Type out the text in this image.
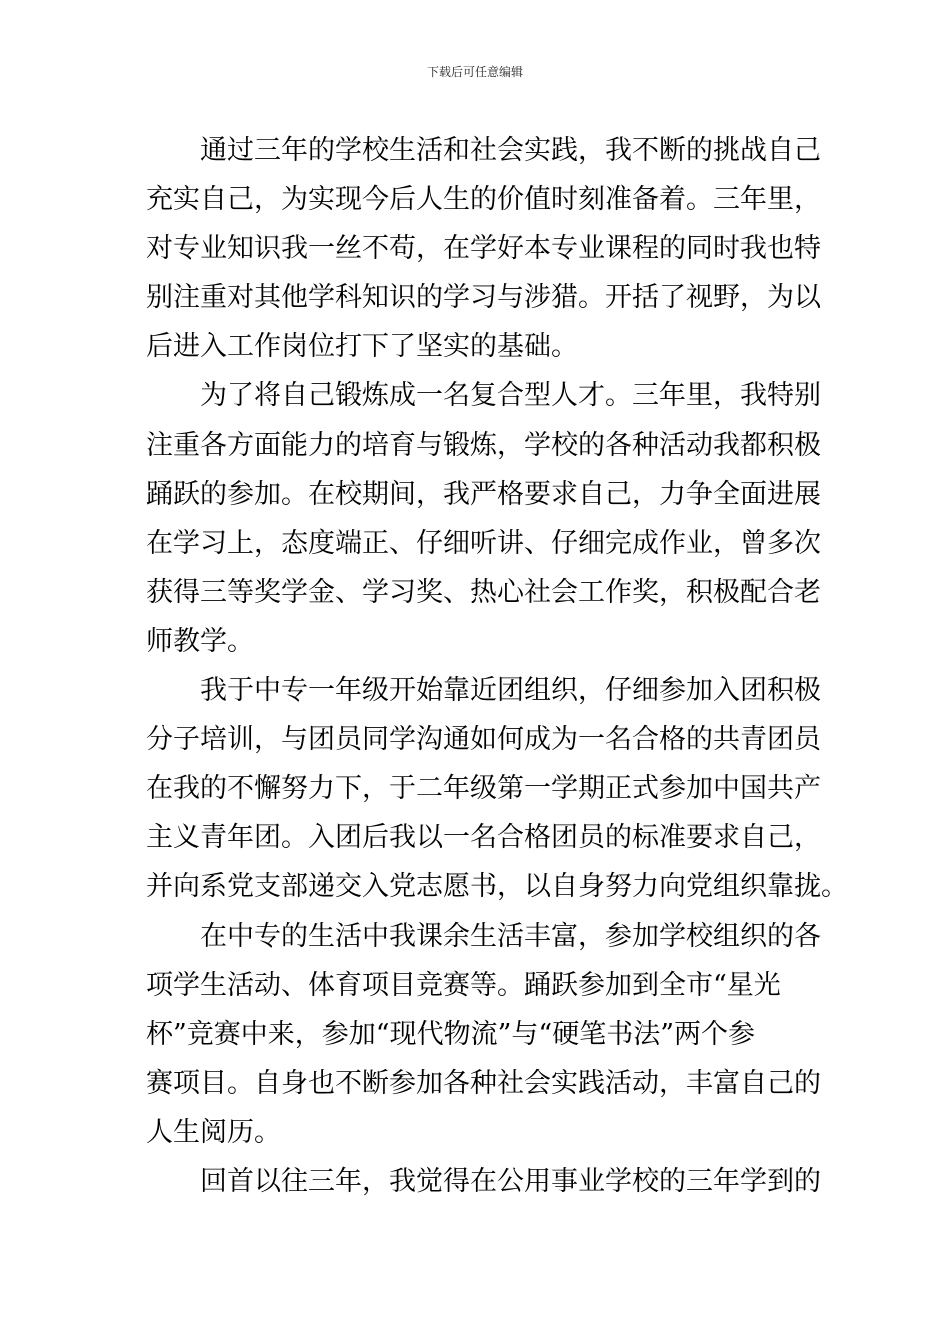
下载后可任意编辑
通过三年的学校生活和社会实践，我不断的挑战自己
充实自己，为实现今后人生的价值时刻准备着。三年里，
对专业知识我一丝不苟，在学好本专业课程的同时我也特
别注重对其他学科知识的学习与涉猎。开括了视野，为以
后进入工作岗位打下了坚实的基础。
为了将自己锻炼成一名复合型人才。三年里，我特别
注重各方面能力的培育与锻炼，学校的各种活动我都积极
踊跃的参加。在校期间，我严格要求自己，力争全面进展
在学习上，态度端正、仔细听讲、仔细完成作业，曾多次
获得三等奖学金、学习奖、热心社会工作奖，积极配合老
师教学。
我于中专一年级开始靠近团组织，仔细参加入团积极
分子培训，与团员同学沟通如何成为一名合格的共青团员
在我的不懈努力下，于二年级第一学期正式参加中国共产
主义青年团。入团后我以一名合格团员的标准要求自己，
并向系党支部递交入党志愿书，以自身努力向党组织靠拢。
在中专的生活中我课余生活丰富，参加学校组织的各
项学生活动、体育项目竞赛等。踊跃参加到全市“星光
杯”竞赛中来，参加“现代物流”与“硬笔书法”两个参
赛项目。自身也不断参加各种社会实践活动，丰富自己的
人生阅历。
回首以往三年，我觉得在公用事业学校的三年学到的
